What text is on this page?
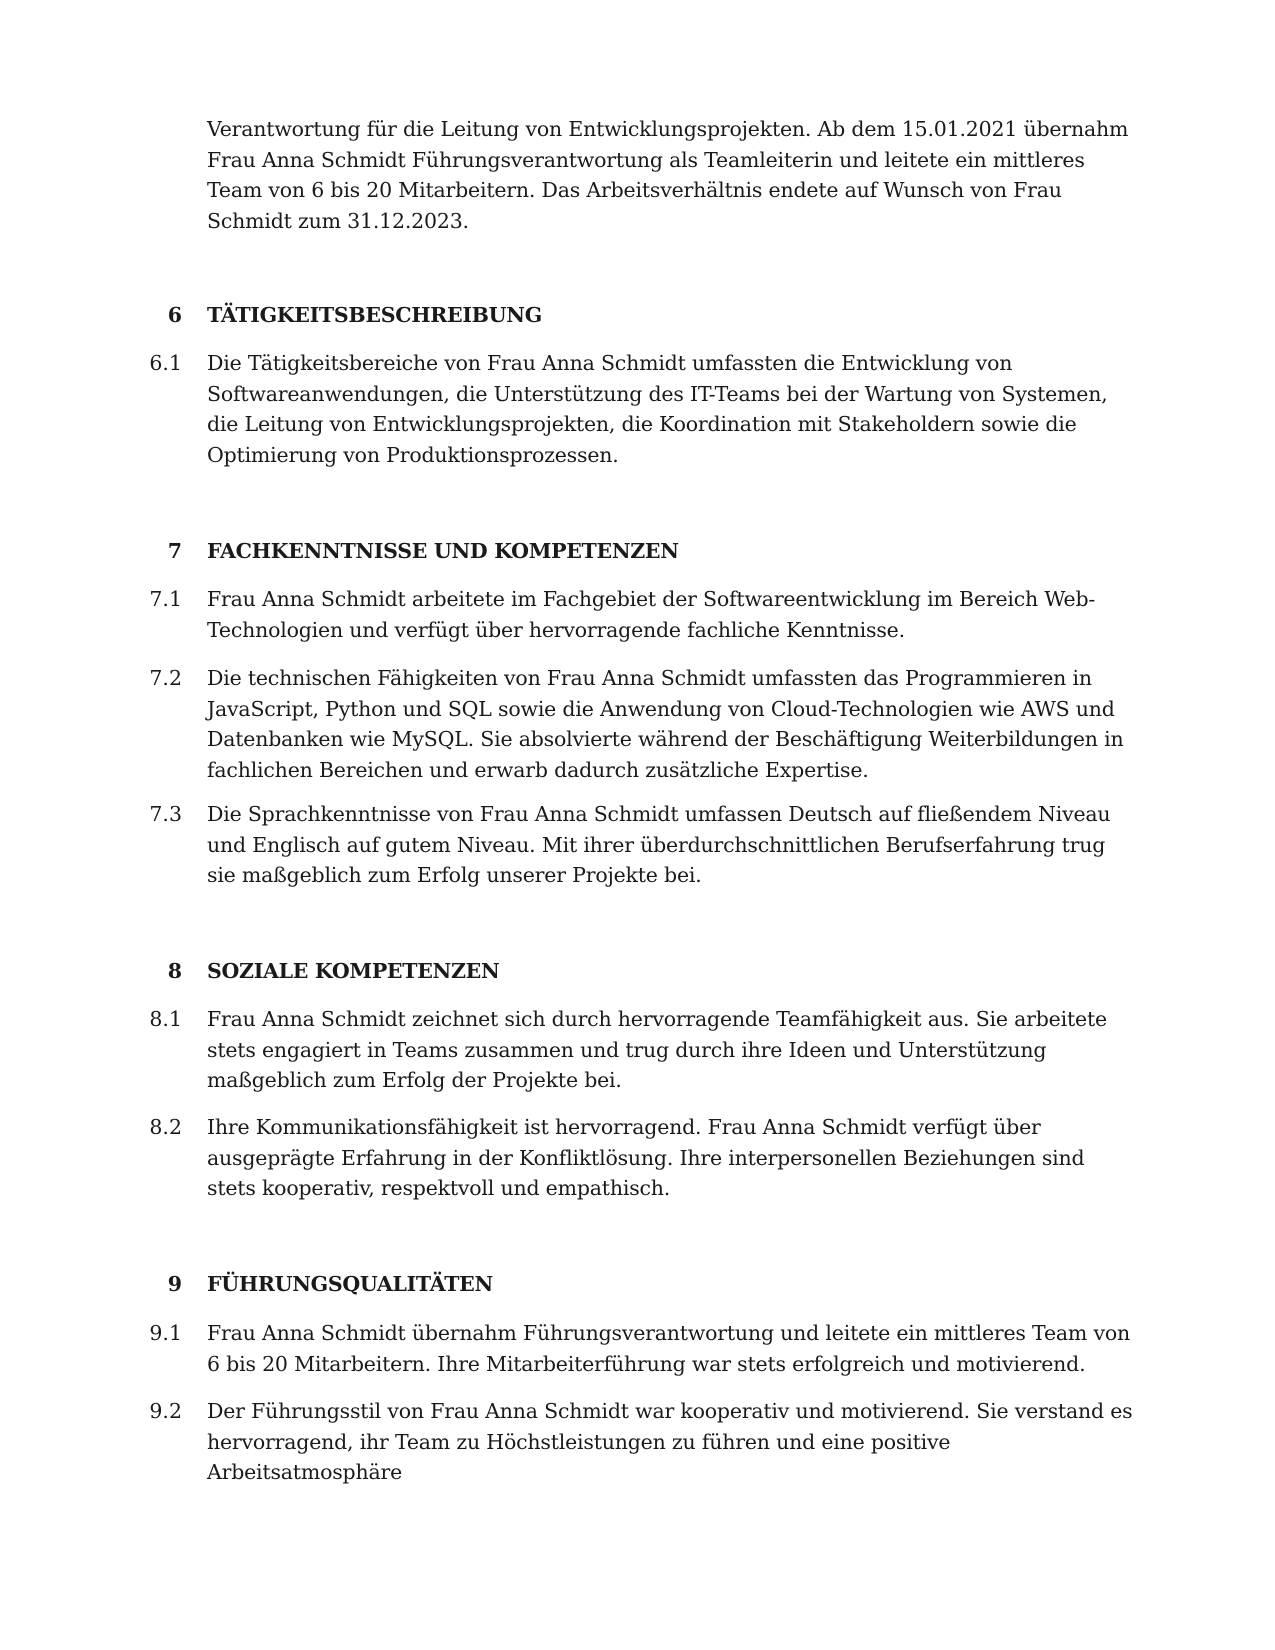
Verantwortung für die Leitung von Entwicklungsprojekten. Ab dem 15.01.2021 übernahm Frau Anna Schmidt Führungsverantwortung als Teamleiterin und leitete ein mittleres Team von 6 bis 20 Mitarbeitern. Das Arbeitsverhältnis endete auf Wunsch von Frau Schmidt zum 31.12.2023.

6 TÄTIGKEITSBESCHREIBUNG
6.1 Die Tätigkeitsbereiche von Frau Anna Schmidt umfassten die Entwicklung von Softwareanwendungen, die Unterstützung des IT-Teams bei der Wartung von Systemen, die Leitung von Entwicklungsprojekten, die Koordination mit Stakeholdern sowie die Optimierung von Produktionsprozessen.

7 FACHKENNTNISSE UND KOMPETENZEN
7.1 Frau Anna Schmidt arbeitete im Fachgebiet der Softwareentwicklung im Bereich Web-Technologien und verfügt über hervorragende fachliche Kenntnisse.

7.2 Die technischen Fähigkeiten von Frau Anna Schmidt umfassten das Programmieren in JavaScript, Python und SQL sowie die Anwendung von Cloud-Technologien wie AWS und Datenbanken wie MySQL. Sie absolvierte während der Beschäftigung Weiterbildungen in fachlichen Bereichen und erwarb dadurch zusätzliche Expertise.

7.3 Die Sprachkenntnisse von Frau Anna Schmidt umfassen Deutsch auf fließendem Niveau und Englisch auf gutem Niveau. Mit ihrer überdurchschnittlichen Berufserfahrung trug sie maßgeblich zum Erfolg unserer Projekte bei.

8 SOZIALE KOMPETENZEN
8.1 Frau Anna Schmidt zeichnet sich durch hervorragende Teamfähigkeit aus. Sie arbeitete stets engagiert in Teams zusammen und trug durch ihre Ideen und Unterstützung maßgeblich zum Erfolg der Projekte bei.

8.2 Ihre Kommunikationsfähigkeit ist hervorragend. Frau Anna Schmidt verfügt über ausgeprägte Erfahrung in der Konfliktlösung. Ihre interpersonellen Beziehungen sind stets kooperativ, respektvoll und empathisch.

9 FÜHRUNGSQUALITÄTEN
9.1 Frau Anna Schmidt übernahm Führungsverantwortung und leitete ein mittleres Team von 6 bis 20 Mitarbeitern. Ihre Mitarbeiterführung war stets erfolgreich und motivierend.

9.2 Der Führungsstil von Frau Anna Schmidt war kooperativ und motivierend. Sie verstand es hervorragend, ihr Team zu Höchstleistungen zu führen und eine positive Arbeitsatmosphäre
